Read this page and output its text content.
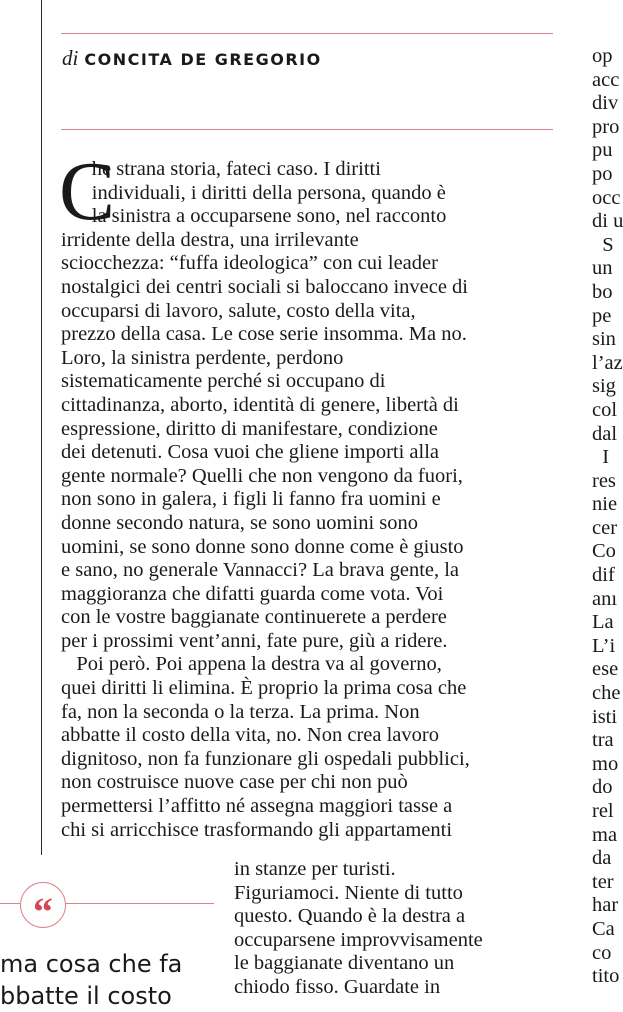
di CONCITA DE GREGORIO
C
he strana storia, fateci caso. I diritti
individuali, i diritti della persona, quando è
la sinistra a occuparsene sono, nel racconto
irridente della destra, una irrilevante
sciocchezza: “fuffa ideologica” con cui leader
nostalgici dei centri sociali si baloccano invece di
occuparsi di lavoro, salute, costo della vita,
prezzo della casa. Le cose serie insomma. Ma no.
Loro, la sinistra perdente, perdono
sistematicamente perché si occupano di
cittadinanza, aborto, identità di genere, libertà di
espressione, diritto di manifestare, condizione
dei detenuti. Cosa vuoi che gliene importi alla
gente normale? Quelli che non vengono da fuori,
non sono in galera, i figli li fanno fra uomini e
donne secondo natura, se sono uomini sono
uomini, se sono donne sono donne come è giusto
e sano, no generale Vannacci? La brava gente, la
maggioranza che difatti guarda come vota. Voi
con le vostre baggianate continuerete a perdere
per i prossimi vent’anni, fate pure, giù a ridere.
Poi però. Poi appena la destra va al governo,
quei diritti li elimina. È proprio la prima cosa che
fa, non la seconda o la terza. La prima. Non
abbatte il costo della vita, no. Non crea lavoro
dignitoso, non fa funzionare gli ospedali pubblici,
non costruisce nuove case per chi non può
permettersi l’affitto né assegna maggiori tasse a
chi si arricchisce trasformando gli appartamenti
in stanze per turisti.
Figuriamoci. Niente di tutto
questo. Quando è la destra a
occuparsene improvvisamente
le baggianate diventano un
chiodo fisso. Guardate in
op
acc
div
pro
pu
po
occ
di u
S
un
bo
pe
sin
l’az
sig
col
dal
I
res
nie
cer
Co
dif
anı
La
L’i
ese
che
isti
tra
mo
do
rel
ma
da
ter
har
Ca
co
tito
“
ma cosa che fa
bbatte il costo
